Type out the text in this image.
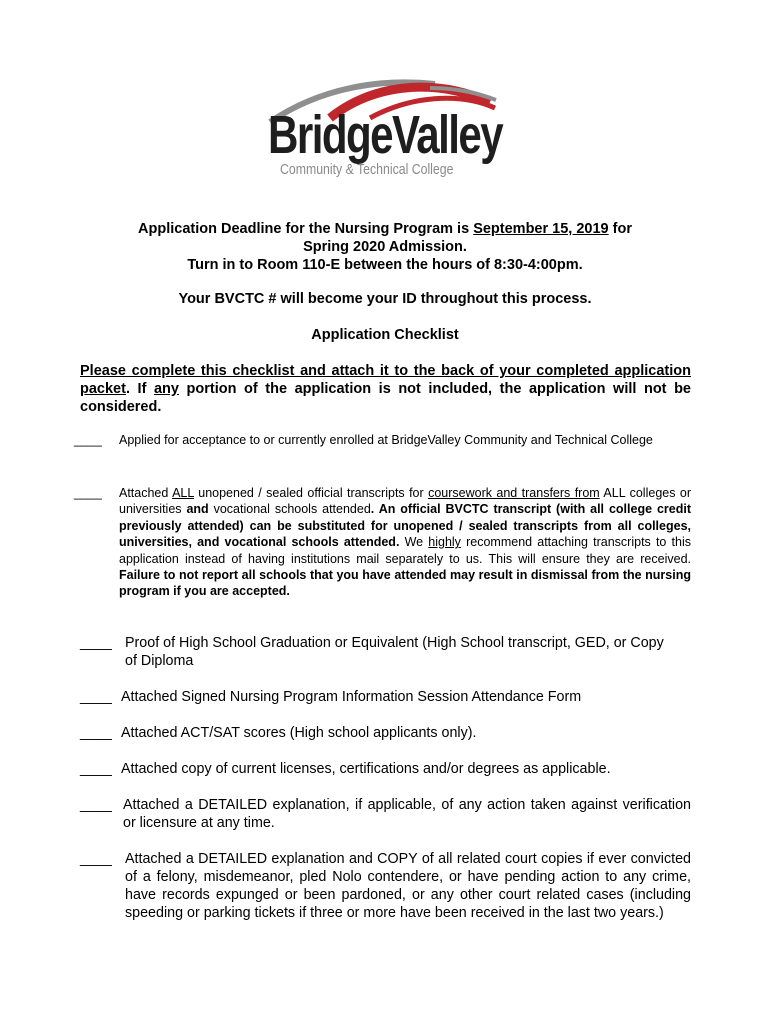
BridgeValley
Community & Technical College
Application Deadline for the Nursing Program is September 15, 2019 for
Spring 2020 Admission.
Turn in to Room 110-E between the hours of 8:30-4:00pm.
Your BVCTC # will become your ID throughout this process.
Application Checklist
Please complete this checklist and attach it to the back of your completed application packet. If any portion of the application is not included, the application will not be considered.
____ Applied for acceptance to or currently enrolled at BridgeValley Community and Technical College
____ Attached ALL unopened / sealed official transcripts for coursework and transfers from ALL colleges or universities and vocational schools attended. An official BVCTC transcript (with all college credit previously attended) can be substituted for unopened / sealed transcripts from all colleges, universities, and vocational schools attended. We highly recommend attaching transcripts to this application instead of having institutions mail separately to us. This will ensure they are received. Failure to not report all schools that you have attended may result in dismissal from the nursing program if you are accepted.
____ Proof of High School Graduation or Equivalent (High School transcript, GED, or Copy of Diploma
____ Attached Signed Nursing Program Information Session Attendance Form
____ Attached ACT/SAT scores (High school applicants only).
____ Attached copy of current licenses, certifications and/or degrees as applicable.
____ Attached a DETAILED explanation, if applicable, of any action taken against verification or licensure at any time.
____ Attached a DETAILED explanation and COPY of all related court copies if ever convicted of a felony, misdemeanor, pled Nolo contendere, or have pending action to any crime, have records expunged or been pardoned, or any other court related cases (including speeding or parking tickets if three or more have been received in the last two years.)
